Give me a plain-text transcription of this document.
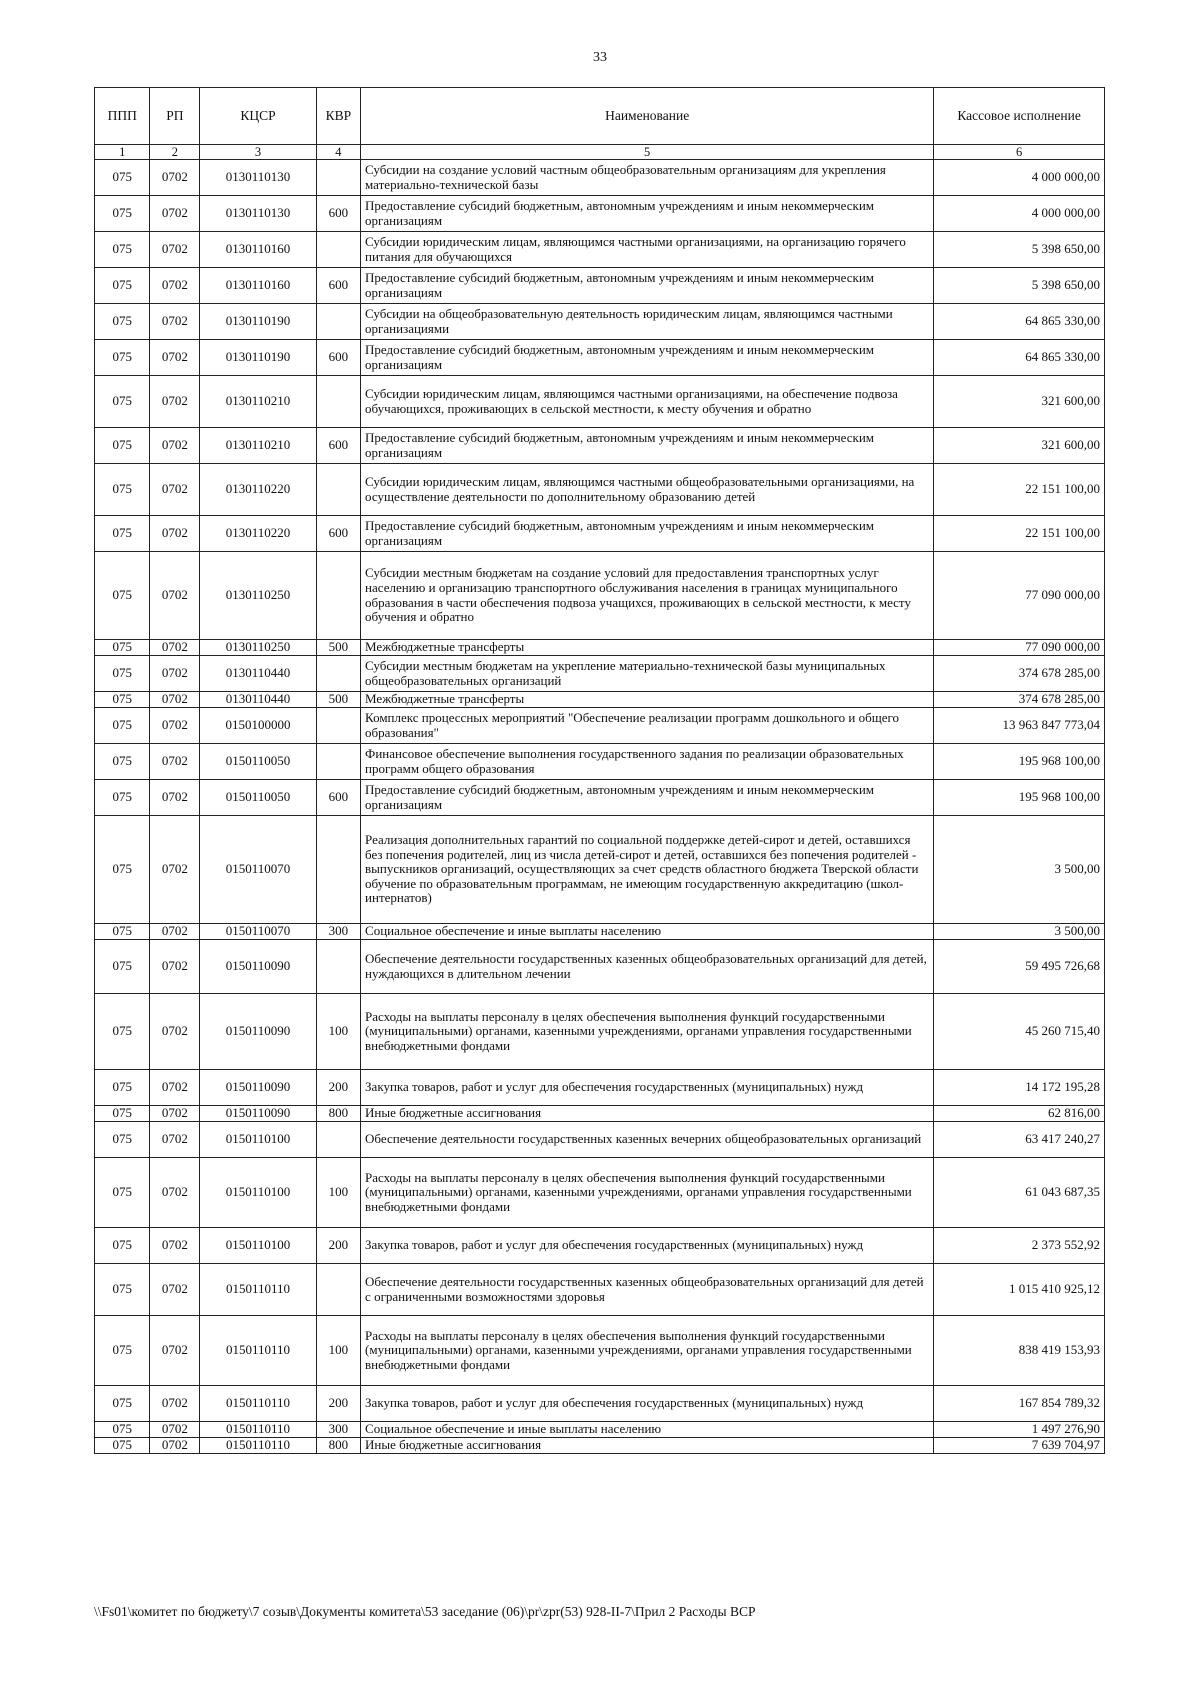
33
ППП	РП	КЦСР	КВР	Наименование	Кассовое исполнение
1	2	3	4	5	6
075	0702	0130110130		Субсидии на создание условий частным общеобразовательным организациям для укрепления материально-технической базы	4 000 000,00
075	0702	0130110130	600	Предоставление субсидий бюджетным, автономным учреждениям и иным некоммерческим организациям	4 000 000,00
075	0702	0130110160		Субсидии юридическим лицам, являющимся частными организациями, на организацию горячего питания для обучающихся	5 398 650,00
075	0702	0130110160	600	Предоставление субсидий бюджетным, автономным учреждениям и иным некоммерческим организациям	5 398 650,00
075	0702	0130110190		Субсидии на общеобразовательную деятельность юридическим лицам, являющимся частными организациями	64 865 330,00
075	0702	0130110190	600	Предоставление субсидий бюджетным, автономным учреждениям и иным некоммерческим организациям	64 865 330,00
075	0702	0130110210		Субсидии юридическим лицам, являющимся частными организациями, на обеспечение подвоза обучающихся, проживающих в сельской местности, к месту обучения и обратно	321 600,00
075	0702	0130110210	600	Предоставление субсидий бюджетным, автономным учреждениям и иным некоммерческим организациям	321 600,00
075	0702	0130110220		Субсидии юридическим лицам, являющимся частными общеобразовательными организациями, на осуществление деятельности по дополнительному образованию детей	22 151 100,00
075	0702	0130110220	600	Предоставление субсидий бюджетным, автономным учреждениям и иным некоммерческим организациям	22 151 100,00
075	0702	0130110250		Субсидии местным бюджетам на создание условий для предоставления транспортных услуг населению и организацию транспортного обслуживания населения в границах муниципального образования в части обеспечения подвоза учащихся, проживающих в сельской местности, к месту обучения и обратно	77 090 000,00
075	0702	0130110250	500	Межбюджетные трансферты	77 090 000,00
075	0702	0130110440		Субсидии местным бюджетам на укрепление материально-технической базы муниципальных общеобразовательных организаций	374 678 285,00
075	0702	0130110440	500	Межбюджетные трансферты	374 678 285,00
075	0702	0150100000		Комплекс процессных мероприятий "Обеспечение реализации программ дошкольного и общего образования"	13 963 847 773,04
075	0702	0150110050		Финансовое обеспечение выполнения государственного задания по реализации образовательных программ общего образования	195 968 100,00
075	0702	0150110050	600	Предоставление субсидий бюджетным, автономным учреждениям и иным некоммерческим организациям	195 968 100,00
075	0702	0150110070		Реализация дополнительных гарантий по социальной поддержке детей-сирот и детей, оставшихся без попечения родителей, лиц из числа детей-сирот и детей, оставшихся без попечения родителей - выпускников организаций, осуществляющих за счет средств областного бюджета Тверской области обучение по образовательным программам, не имеющим государственную аккредитацию (школ-интернатов)	3 500,00
075	0702	0150110070	300	Социальное обеспечение и иные выплаты населению	3 500,00
075	0702	0150110090		Обеспечение деятельности государственных казенных общеобразовательных организаций для детей, нуждающихся в длительном лечении	59 495 726,68
075	0702	0150110090	100	Расходы на выплаты персоналу в целях обеспечения выполнения функций государственными (муниципальными) органами, казенными учреждениями, органами управления государственными внебюджетными фондами	45 260 715,40
075	0702	0150110090	200	Закупка товаров, работ и услуг для обеспечения государственных (муниципальных) нужд	14 172 195,28
075	0702	0150110090	800	Иные бюджетные ассигнования	62 816,00
075	0702	0150110100		Обеспечение деятельности государственных казенных вечерних общеобразовательных организаций	63 417 240,27
075	0702	0150110100	100	Расходы на выплаты персоналу в целях обеспечения выполнения функций государственными (муниципальными) органами, казенными учреждениями, органами управления государственными внебюджетными фондами	61 043 687,35
075	0702	0150110100	200	Закупка товаров, работ и услуг для обеспечения государственных (муниципальных) нужд	2 373 552,92
075	0702	0150110110		Обеспечение деятельности государственных казенных общеобразовательных организаций для детей с ограниченными возможностями здоровья	1 015 410 925,12
075	0702	0150110110	100	Расходы на выплаты персоналу в целях обеспечения выполнения функций государственными (муниципальными) органами, казенными учреждениями, органами управления государственными внебюджетными фондами	838 419 153,93
075	0702	0150110110	200	Закупка товаров, работ и услуг для обеспечения государственных (муниципальных) нужд	167 854 789,32
075	0702	0150110110	300	Социальное обеспечение и иные выплаты населению	1 497 276,90
075	0702	0150110110	800	Иные бюджетные ассигнования	7 639 704,97
\\Fs01\комитет по бюджету\7 созыв\Документы комитета\53 заседание (06)\pr\zpr(53) 928-II-7\Прил 2 Расходы ВСР
